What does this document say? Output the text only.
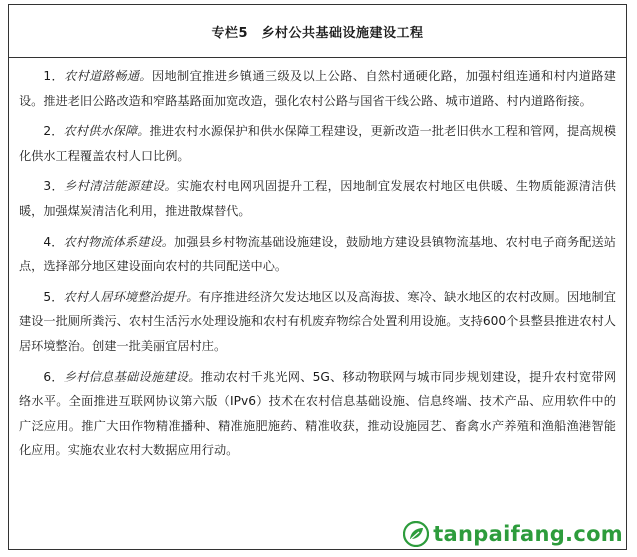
专栏5　乡村公共基础设施建设工程

1．农村道路畅通。因地制宜推进乡镇通三级及以上公路、自然村通硬化路，加强村组连通和村内道路建设。推进老旧公路改造和窄路基路面加宽改造，强化农村公路与国省干线公路、城市道路、村内道路衔接。

2．农村供水保障。推进农村水源保护和供水保障工程建设，更新改造一批老旧供水工程和管网，提高规模化供水工程覆盖农村人口比例。

3．乡村清洁能源建设。实施农村电网巩固提升工程，因地制宜发展农村地区电供暖、生物质能源清洁供暖，加强煤炭清洁化利用，推进散煤替代。

4．农村物流体系建设。加强县乡村物流基础设施建设，鼓励地方建设县镇物流基地、农村电子商务配送站点，选择部分地区建设面向农村的共同配送中心。

5．农村人居环境整治提升。有序推进经济欠发达地区以及高海拔、寒冷、缺水地区的农村改厕。因地制宜建设一批厕所粪污、农村生活污水处理设施和农村有机废弃物综合处置利用设施。支持600个县整县推进农村人居环境整治。创建一批美丽宜居村庄。

6．乡村信息基础设施建设。推动农村千兆光网、5G、移动物联网与城市同步规划建设，提升农村宽带网络水平。全面推进互联网协议第六版（IPv6）技术在农村信息基础设施、信息终端、技术产品、应用软件中的广泛应用。推广大田作物精准播种、精准施肥施药、精准收获，推动设施园艺、畜禽水产养殖和渔船渔港智能化应用。实施农业农村大数据应用行动。

tanpaifang.com
